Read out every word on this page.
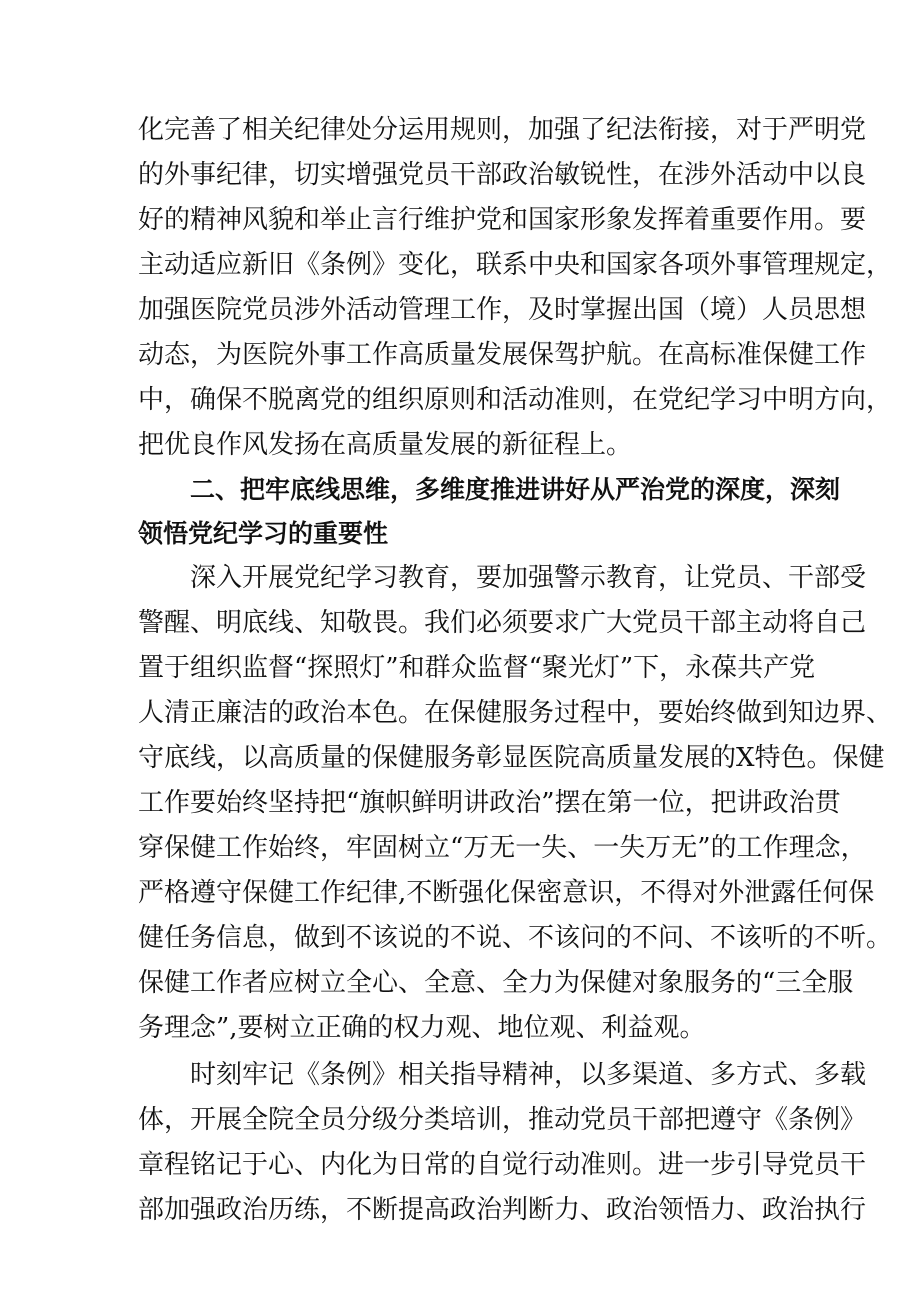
化完善了相关纪律处分运用规则，加强了纪法衔接，对于严明党
的外事纪律，切实增强党员干部政治敏锐性，在涉外活动中以良
好的精神风貌和举止言行维护党和国家形象发挥着重要作用。要
主动适应新旧《条例》变化，联系中央和国家各项外事管理规定，
加强医院党员涉外活动管理工作，及时掌握出国（境）人员思想
动态，为医院外事工作高质量发展保驾护航。在高标准保健工作
中，确保不脱离党的组织原则和活动准则，在党纪学习中明方向，
把优良作风发扬在高质量发展的新征程上。
二、把牢底线思维，多维度推进讲好从严治党的深度，深刻
领悟党纪学习的重要性
深入开展党纪学习教育，要加强警示教育，让党员、干部受
警醒、明底线、知敬畏。我们必须要求广大党员干部主动将自己
置于组织监督“探照灯”和群众监督“聚光灯”下，永葆共产党
人清正廉洁的政治本色。在保健服务过程中，要始终做到知边界、
守底线，以高质量的保健服务彰显医院高质量发展的X特色。保健
工作要始终坚持把“旗帜鲜明讲政治”摆在第一位，把讲政治贯
穿保健工作始终，牢固树立“万无一失、一失万无”的工作理念，
严格遵守保健工作纪律,不断强化保密意识，不得对外泄露任何保
健任务信息，做到不该说的不说、不该问的不问、不该听的不听。
保健工作者应树立全心、全意、全力为保健对象服务的“三全服
务理念”,要树立正确的权力观、地位观、利益观。
时刻牢记《条例》相关指导精神，以多渠道、多方式、多载
体，开展全院全员分级分类培训，推动党员干部把遵守《条例》
章程铭记于心、内化为日常的自觉行动准则。进一步引导党员干
部加强政治历练，不断提高政治判断力、政治领悟力、政治执行
